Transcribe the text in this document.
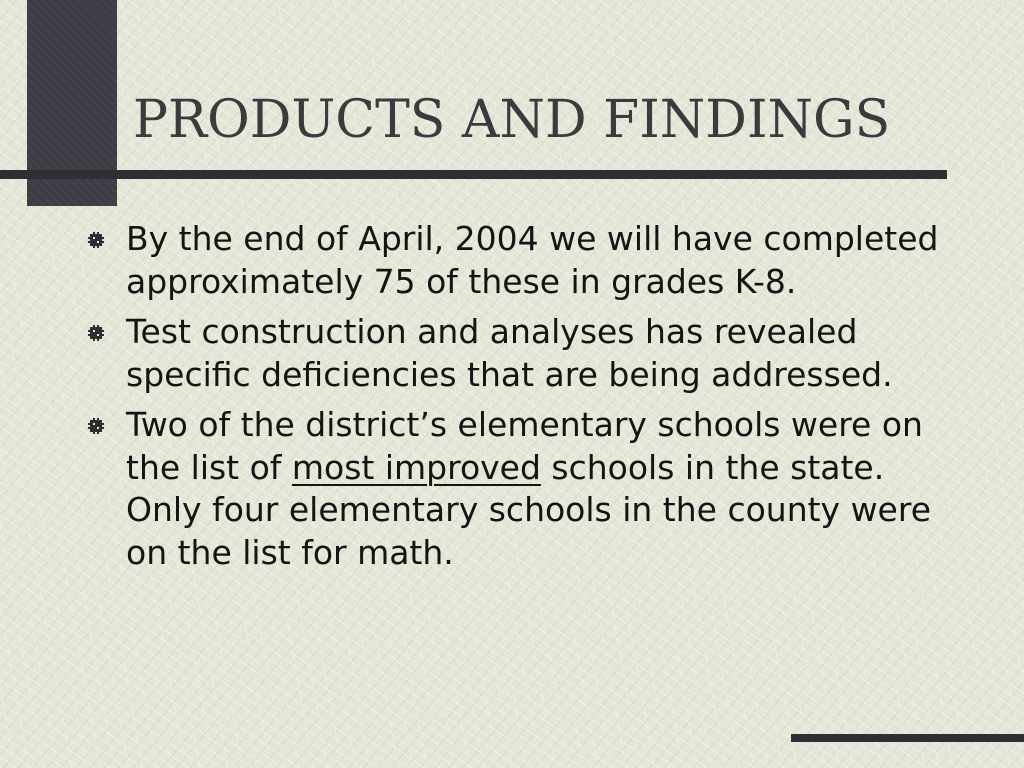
PRODUCTS AND FINDINGS
By the end of April, 2004 we will have completed approximately 75 of these in grades K-8.
Test construction and analyses has revealed specific deficiencies that are being addressed.
Two of the district’s elementary schools were on the list of most improved schools in the state. Only four elementary schools in the county were on the list for math.
